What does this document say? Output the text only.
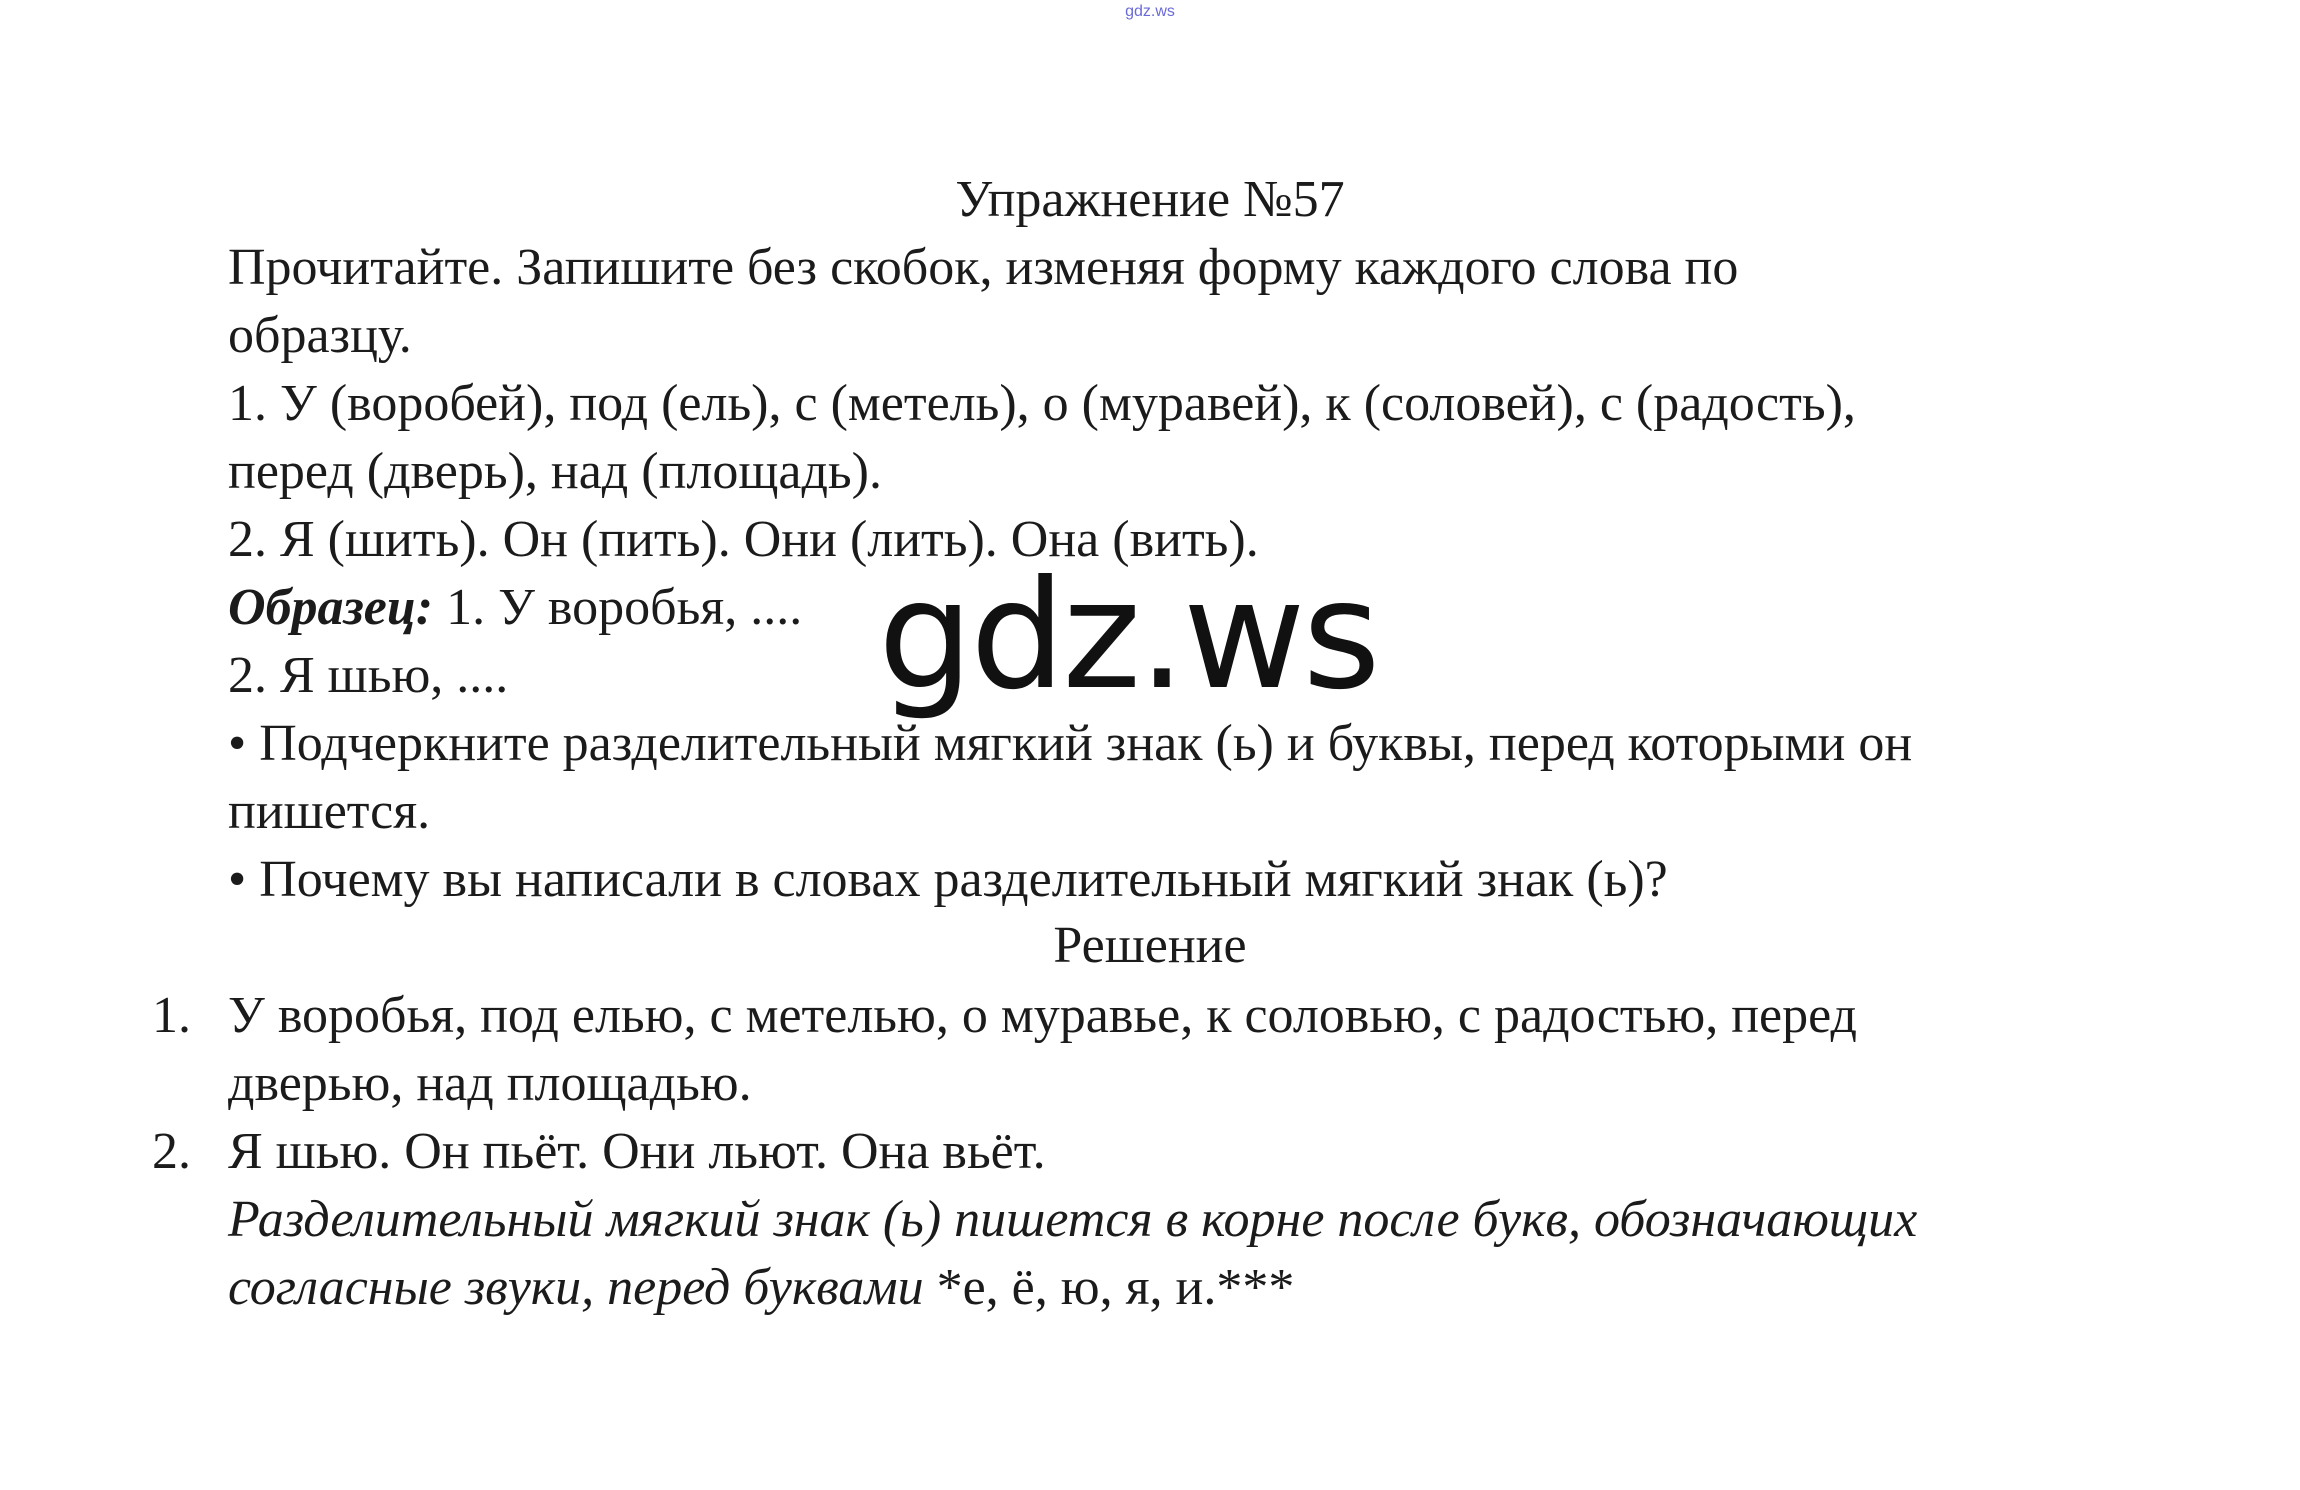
gdz.ws
Упражнение №57
Прочитайте. Запишите без скобок, изменяя форму каждого слова по
образцу.
1. У (воробей), под (ель), с (метель), о (муравей), к (соловей), с (радость),
перед (дверь), над (площадь).
2. Я (шить). Он (пить). Они (лить). Она (вить).
Образец: 1. У воробья, ....
2. Я шью, ....
• Подчеркните разделительный мягкий знак (ь) и буквы, перед которыми он
пишется.
• Почему вы написали в словах разделительный мягкий знак (ь)?
Решение
1. У воробья, под елью, с метелью, о муравье, к соловью, с радостью, перед
дверью, над площадью.
2. Я шью. Он пьёт. Они льют. Она вьёт.
Разделительный мягкий знак (ь) пишется в корне после букв, обозначающих
согласные звуки, перед буквами *е, ё, ю, я, и.***
gdz.ws
